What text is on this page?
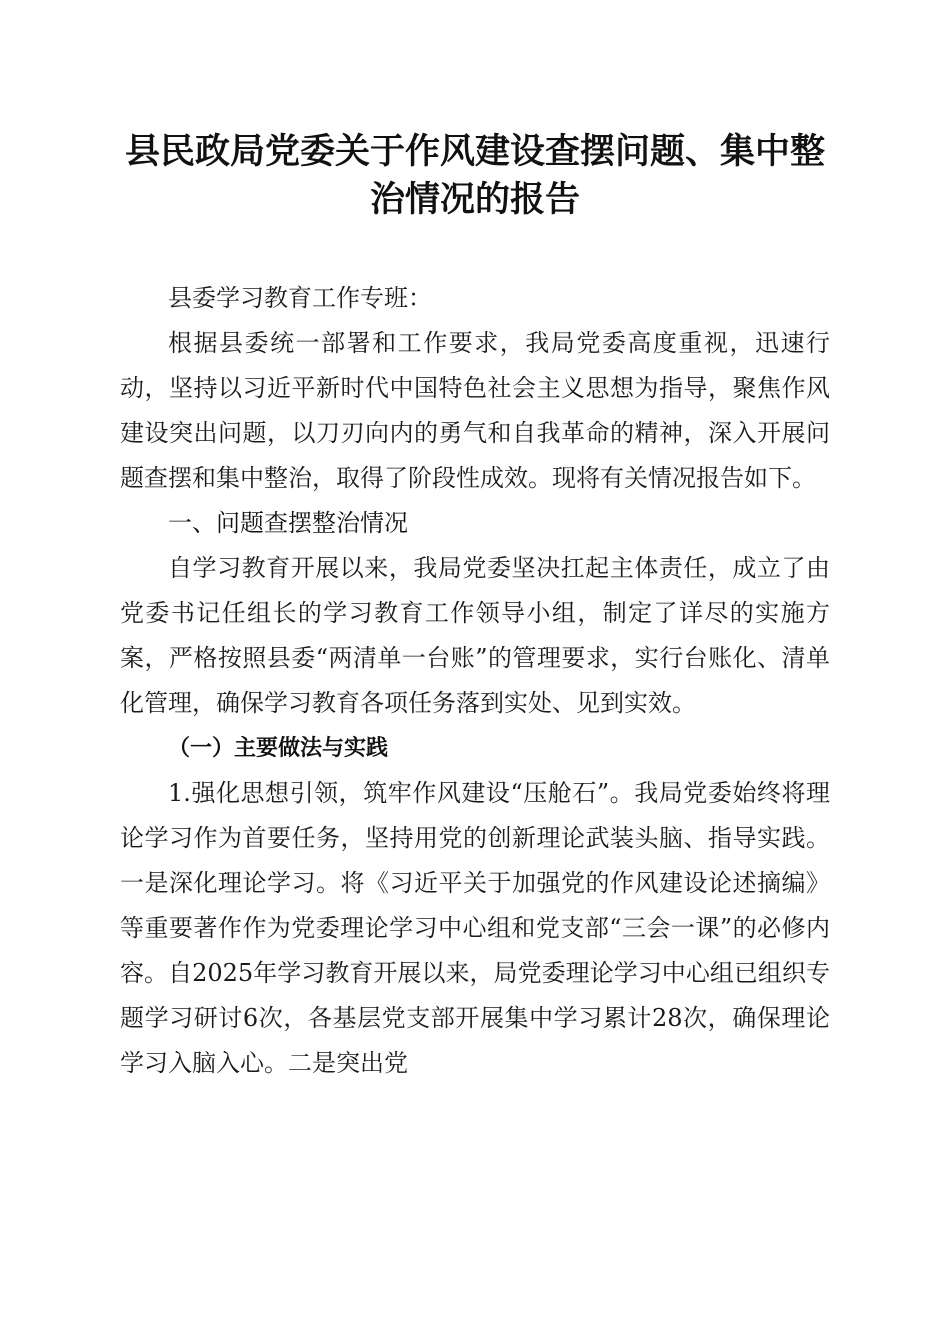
县民政局党委关于作风建设查摆问题、集中整治情况的报告

县委学习教育工作专班：

根据县委统一部署和工作要求，我局党委高度重视，迅速行动，坚持以习近平新时代中国特色社会主义思想为指导，聚焦作风建设突出问题，以刀刃向内的勇气和自我革命的精神，深入开展问题查摆和集中整治，取得了阶段性成效。现将有关情况报告如下。

一、问题查摆整治情况

自学习教育开展以来，我局党委坚决扛起主体责任，成立了由党委书记任组长的学习教育工作领导小组，制定了详尽的实施方案，严格按照县委“两清单一台账”的管理要求，实行台账化、清单化管理，确保学习教育各项任务落到实处、见到实效。

（一）主要做法与实践

1.强化思想引领，筑牢作风建设“压舱石”。我局党委始终将理论学习作为首要任务，坚持用党的创新理论武装头脑、指导实践。一是深化理论学习。将《习近平关于加强党的作风建设论述摘编》等重要著作作为党委理论学习中心组和党支部“三会一课”的必修内容。自2025年学习教育开展以来，局党委理论学习中心组已组织专题学习研讨6次，各基层党支部开展集中学习累计28次，确保理论学习入脑入心。二是突出党
